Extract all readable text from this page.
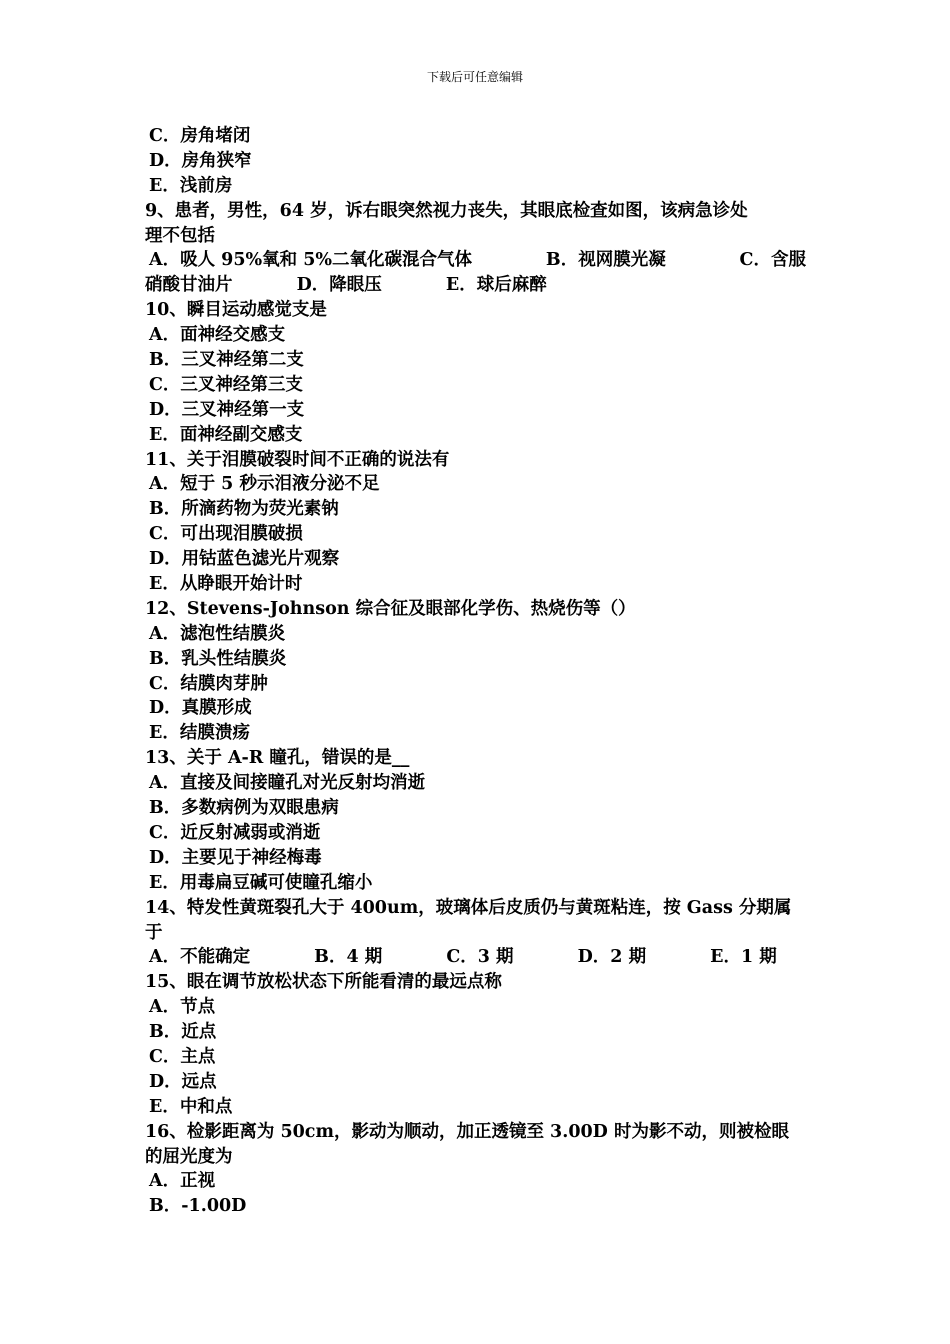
下载后可任意编辑
C．房角堵闭
D．房角狭窄
E．浅前房
9、患者，男性，64 岁，诉右眼突然视力丧失，其眼底检查如图，该病急诊处
理不包括
A．吸人 95%氧和 5%二氧化碳混合气体	B．视网膜光凝	C．含服
硝酸甘油片	D．降眼压	E．球后麻醉
10、瞬目运动感觉支是
A．面神经交感支
B．三叉神经第二支
C．三叉神经第三支
D．三叉神经第一支
E．面神经副交感支
11、关于泪膜破裂时间不正确的说法有
A．短于 5 秒示泪液分泌不足
B．所滴药物为荧光素钠
C．可出现泪膜破损
D．用钴蓝色滤光片观察
E．从睁眼开始计时
12、Stevens-Johnson 综合征及眼部化学伤、热烧伤等（）
A．滤泡性结膜炎
B．乳头性结膜炎
C．结膜肉芽肿
D．真膜形成
E．结膜溃疡
13、关于 A-R 瞳孔，错误的是__
A．直接及间接瞳孔对光反射均消逝
B．多数病例为双眼患病
C．近反射减弱或消逝
D．主要见于神经梅毒
E．用毒扁豆碱可使瞳孔缩小
14、特发性黄斑裂孔大于 400um，玻璃体后皮质仍与黄斑粘连，按 Gass 分期属
于
A．不能确定	B．4 期	C．3 期	D．2 期	E．1 期
15、眼在调节放松状态下所能看清的最远点称
A．节点
B．近点
C．主点
D．远点
E．中和点
16、检影距离为 50cm，影动为顺动，加正透镜至 3.00D 时为影不动，则被检眼
的屈光度为
A．正视
B．-1.00D
